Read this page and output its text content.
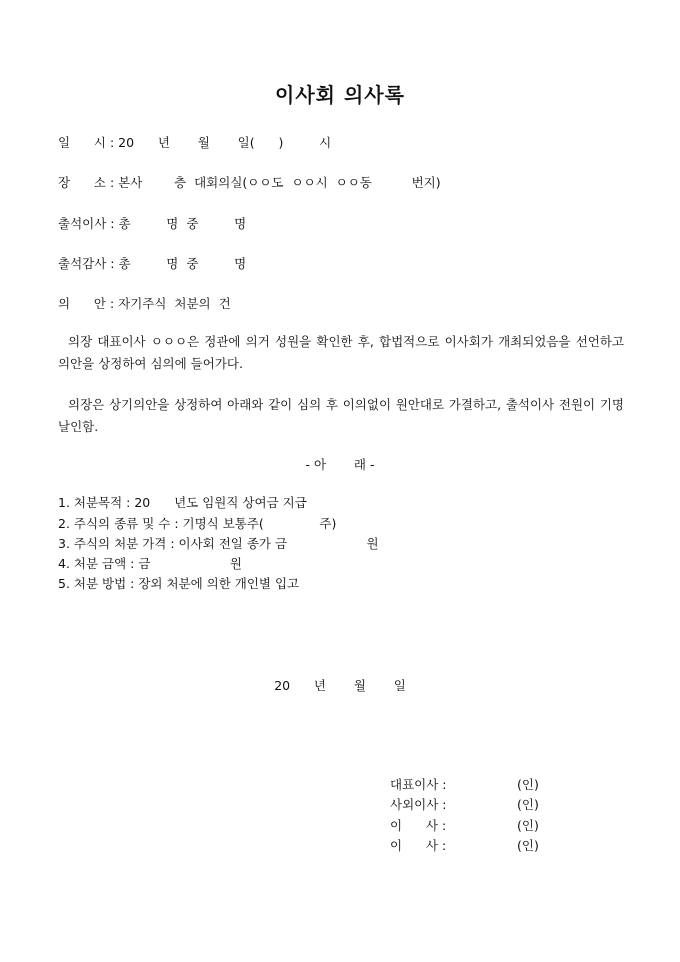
이사회 의사록
일      시 : 20      년       월       일(      )         시
장      소 : 본사        층  대회의실(ㅇㅇ도  ㅇㅇ시  ㅇㅇ동          번지)
출석이사 : 총         명  중         명
출석감사 : 총         명  중         명
의      안 : 자기주식  처분의  건
의장 대표이사 ㅇㅇㅇ은 정관에 의거 성원을 확인한 후, 합법적으로 이사회가 개최되었음을 선언하고 의안을 상정하여 심의에 들어가다.
의장은 상기의안을 상정하여 아래와 같이 심의 후 이의없이 원안대로 가결하고, 출석이사 전원이 기명 날인함.
- 아       래 -
1. 처분목적 : 20      년도 임원직 상여금 지급
2. 주식의 종류 및 수 : 기명식 보통주(              주)
3. 주식의 처분 가격 : 이사회 전일 종가 금                    원
4. 처분 금액 : 금                    원
5. 처분 방법 : 장외 처분에 의한 개인별 입고
20      년       월       일
대표이사 :	(인)
사외이사 :	(인)
이      사 :	(인)
이      사 :	(인)
